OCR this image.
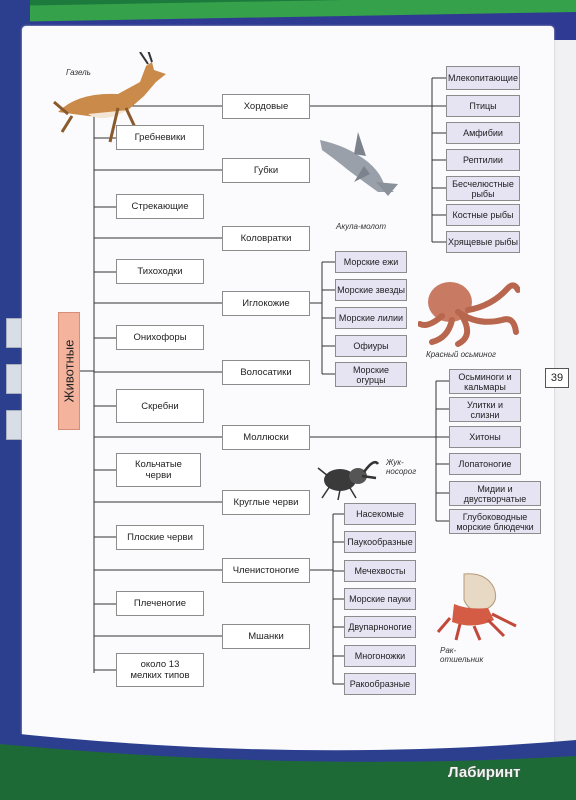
Газель
Акула-молот
Красный осьминог
Жук-носорог
Рак-отшельник
Животные
Гребневики
Стрекающие
Тихоходки
Онихофоры
Скребни
Кольчатые черви
Плоские черви
Плеченогие
около 13 мелких типов
Хордовые
Губки
Коловратки
Иглокожие
Волосатики
Моллюски
Круглые черви
Членистоногие
Мшанки
Млекопитающие
Птицы
Амфибии
Рептилии
Бесчелюстные рыбы
Костные рыбы
Хрящевые рыбы
Морские ежи
Морские звезды
Морские лилии
Офиуры
Морские огурцы	Осьминоги и кальмары
Улитки и слизни
Хитоны
Лопатоногие
Мидии и двустворчатые
Глубоководные морские блюдечки
Насекомые
Паукообразные
Мечехвосты
Морские пауки
Двупарноногие
Многоножки
Ракообразные
39
Лабиринт
